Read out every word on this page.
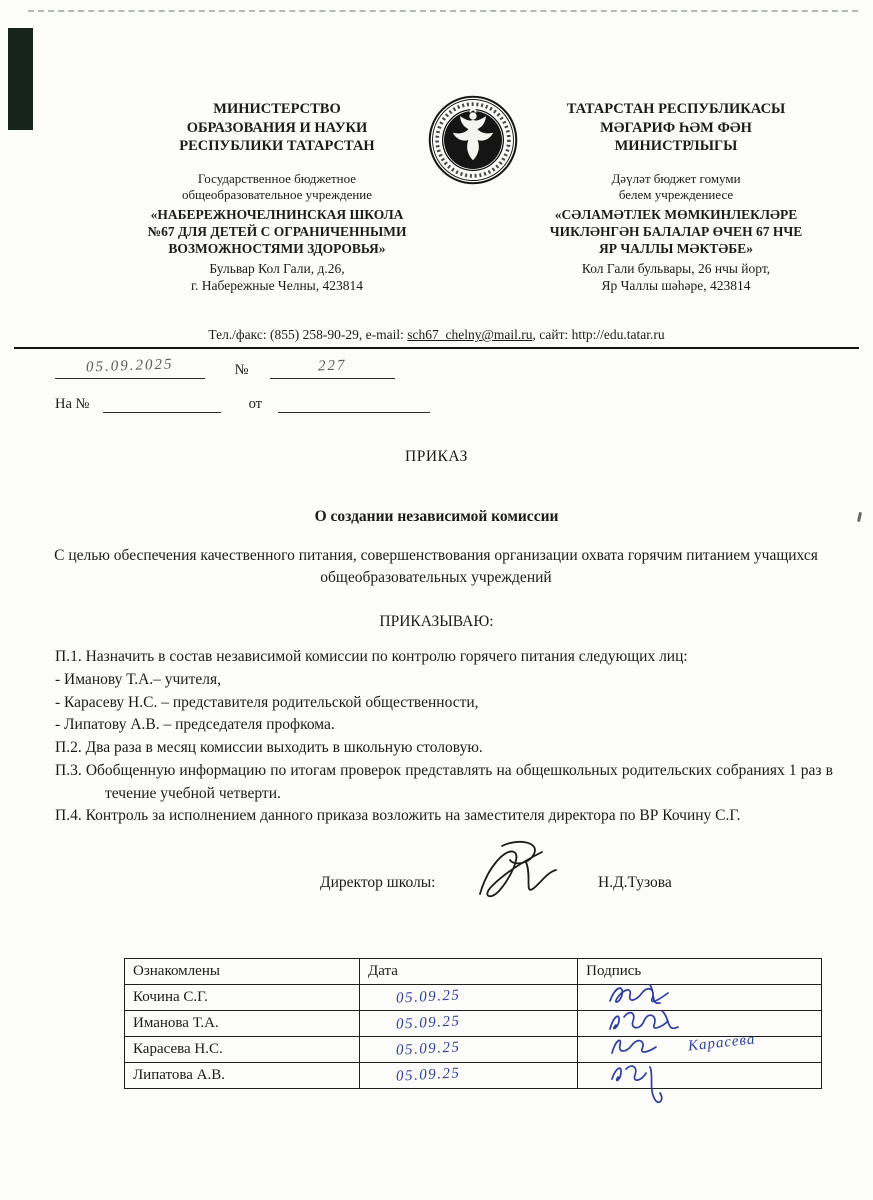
МИНИСТЕРСТВО
ОБРАЗОВАНИЯ И НАУКИ
РЕСПУБЛИКИ ТАТАРСТАН
Государственное бюджетное
общеобразовательное учреждение
«НАБЕРЕЖНОЧЕЛНИНСКАЯ ШКОЛА
№67 ДЛЯ ДЕТЕЙ С ОГРАНИЧЕННЫМИ
ВОЗМОЖНОСТЯМИ ЗДОРОВЬЯ»
Бульвар Кол Гали, д.26,
г. Набережные Челны, 423814
ТАТАРСТАН РЕСПУБЛИКАСЫ
МӘГАРИФ ҺӘМ ФӘН
МИНИСТРЛЫГЫ
Дәүләт бюджет гомуми
белем учреждениесе
«СӘЛАМӘТЛЕК МӨМКИНЛЕКЛӘРЕ
ЧИКЛӘНГӘН БАЛАЛАР ӨЧЕН 67 НЧЕ
ЯР ЧАЛЛЫ МӘКТӘБЕ»
Кол Гали бульвары, 26 нчы йорт,
Яр Чаллы шәһәре, 423814
Тел./факс: (855) 258-90-29, e-mail: sch67_chelny@mail.ru, сайт: http://edu.tatar.ru
05.09.2025	№	227
На №	от
ПРИКАЗ
О создании независимой комиссии
С целью обеспечения качественного питания, совершенствования организации охвата горячим питанием учащихся общеобразовательных учреждений
ПРИКАЗЫВАЮ:

П.1. Назначить в состав независимой комиссии по контролю горячего питания следующих лиц:

- Иманову Т.А.– учителя,

- Карасеву Н.С. – представителя родительской общественности,

- Липатову А.В. – председателя профкома.

П.2. Два раза в месяц комиссии выходить в школьную столовую.

П.3. Обобщенную информацию по итогам проверок представлять на общешкольных родительских собраниях 1 раз в течение учебной четверти.

П.4. Контроль за исполнением данного приказа возложить на заместителя директора по ВР Кочину С.Г.

Директор школы:	Н.Д.Тузова
Ознакомлены	Дата	Подпись
Кочина С.Г.	05.09.25	

Иманова Т.А.	05.09.25	

Карасева Н.С.	05.09.25	Карасева

Липатова А.В.	05.09.25	
